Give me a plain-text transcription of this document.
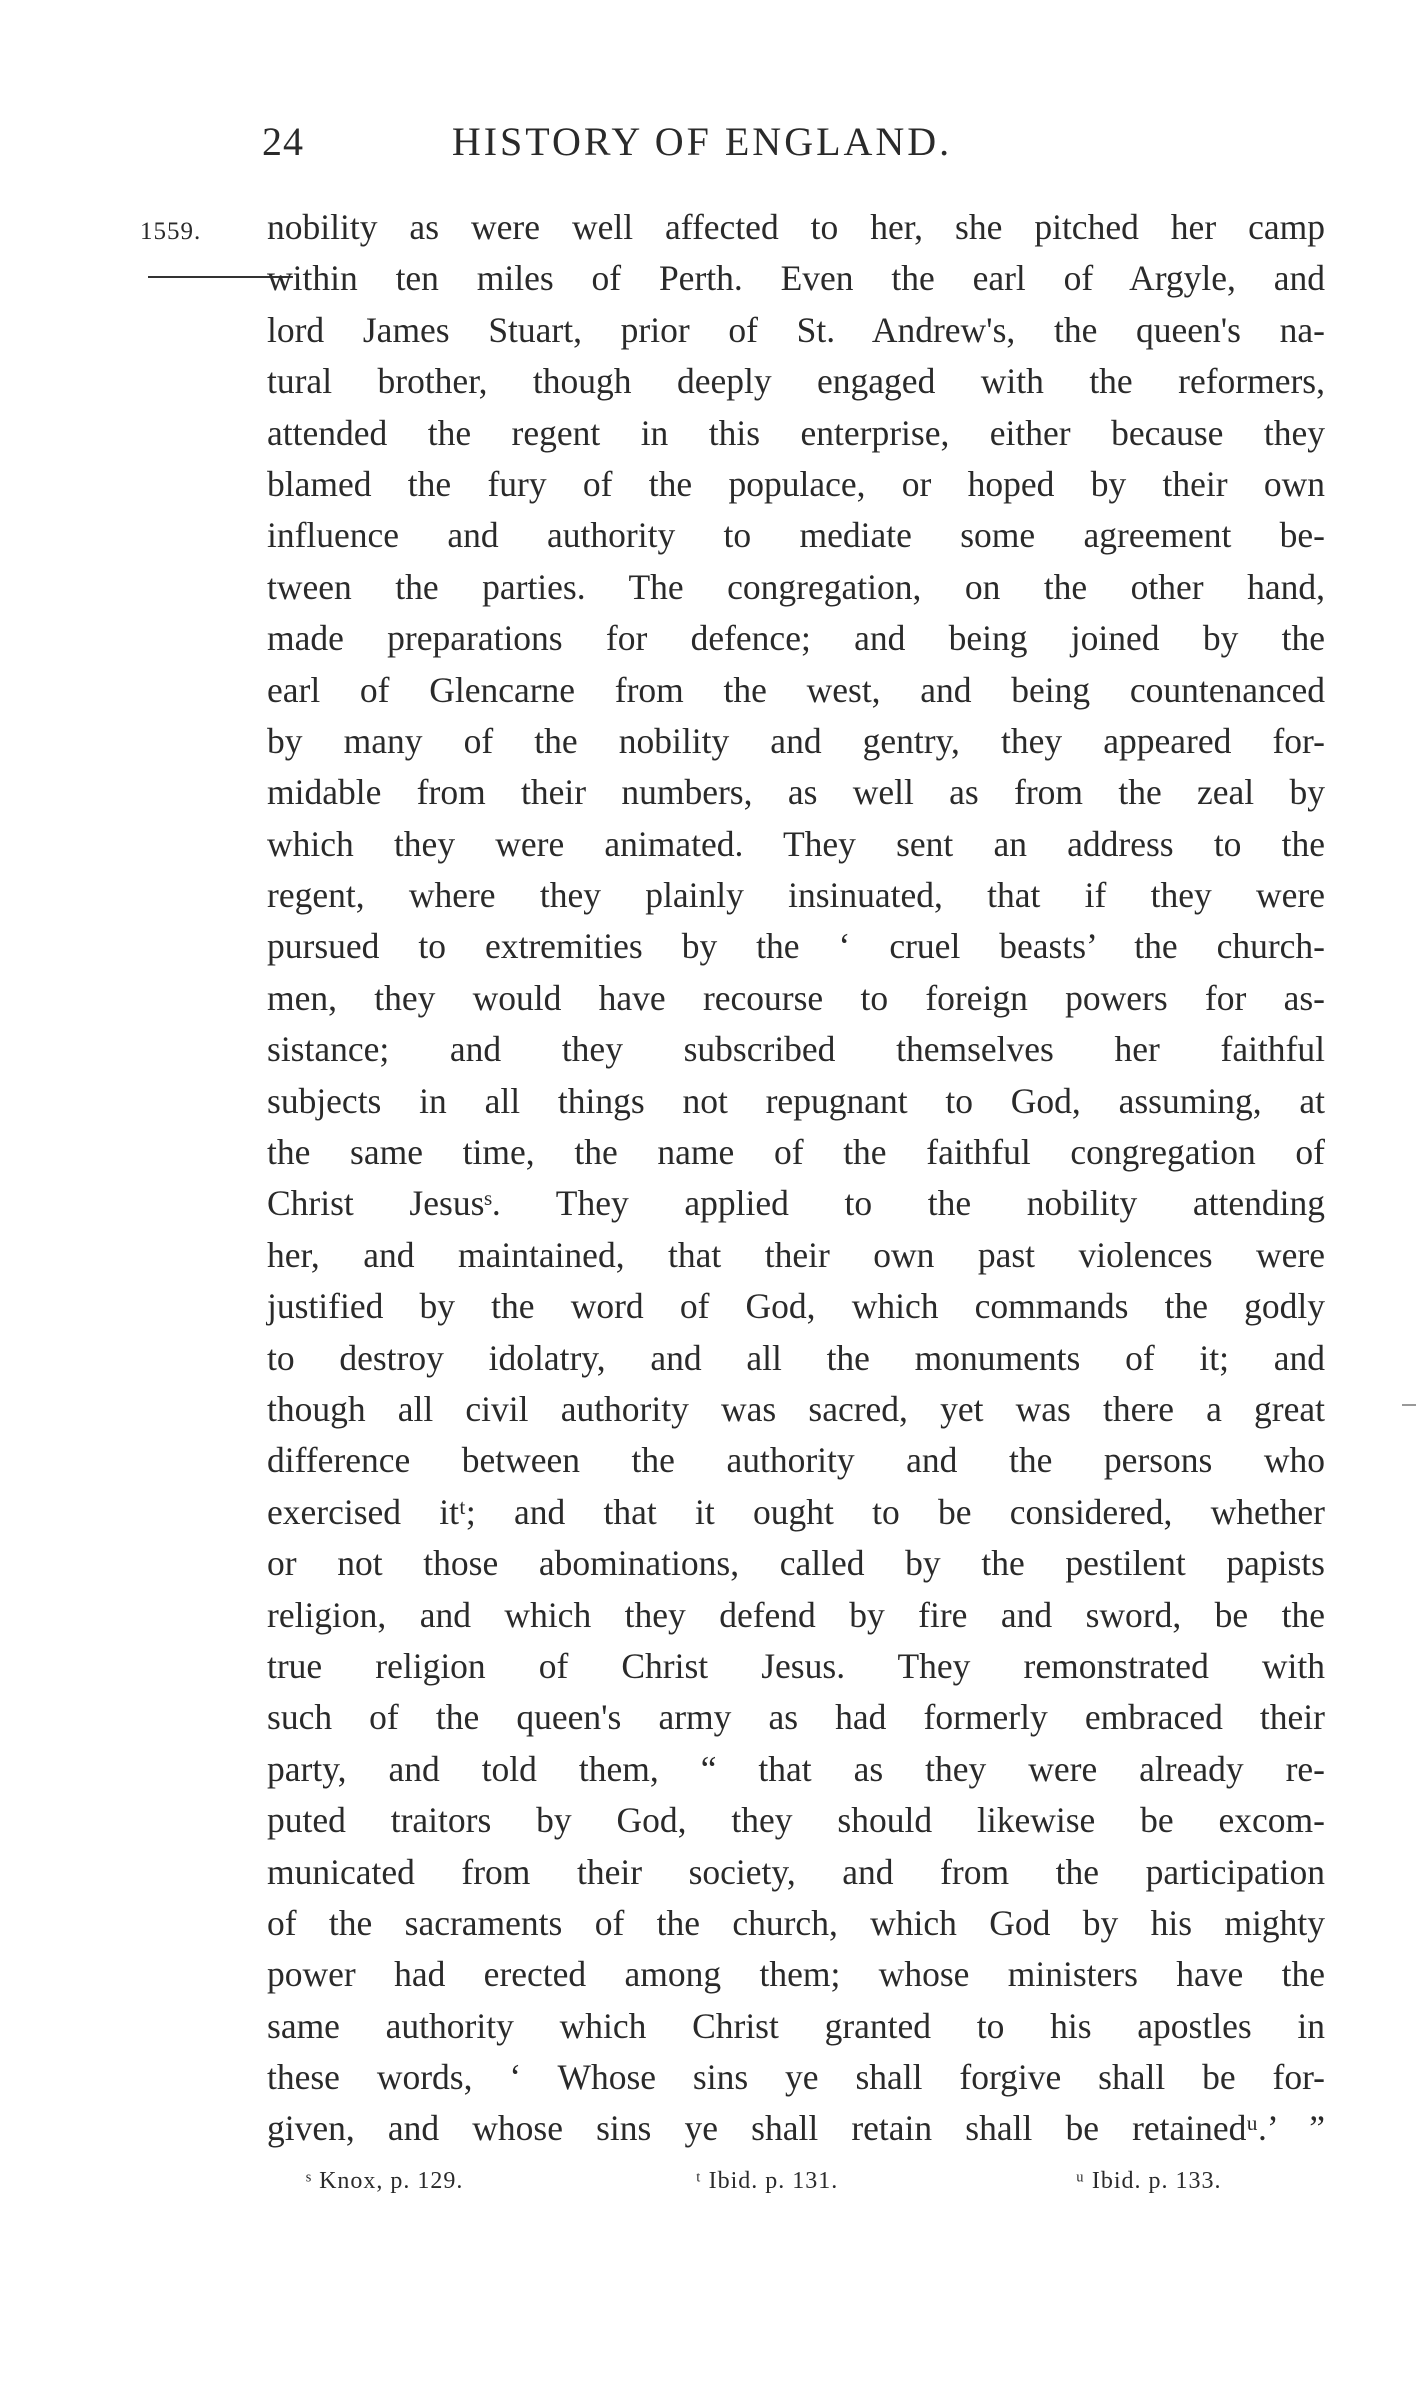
24	HISTORY OF ENGLAND.
1559. nobility as were well affected to her, she pitched her camp
within ten miles of Perth. Even the earl of Argyle, and
lord James Stuart, prior of St. Andrew's, the queen's na-
tural brother, though deeply engaged with the reformers,
attended the regent in this enterprise, either because they
blamed the fury of the populace, or hoped by their own
influence and authority to mediate some agreement be-
tween the parties. The congregation, on the other hand,
made preparations for defence; and being joined by the
earl of Glencarne from the west, and being countenanced
by many of the nobility and gentry, they appeared for-
midable from their numbers, as well as from the zeal by
which they were animated. They sent an address to the
regent, where they plainly insinuated, that if they were
pursued to extremities by the ‘ cruel beasts’ the church-
men, they would have recourse to foreign powers for as-
sistance; and they subscribed themselves her faithful
subjects in all things not repugnant to God, assuming, at
the same time, the name of the faithful congregation of
Christ Jesusˢ. They applied to the nobility attending
her, and maintained, that their own past violences were
justified by the word of God, which commands the godly
to destroy idolatry, and all the monuments of it; and
though all civil authority was sacred, yet was there a great
difference between the authority and the persons who
exercised itᵗ; and that it ought to be considered, whether
or not those abominations, called by the pestilent papists
religion, and which they defend by fire and sword, be the
true religion of Christ Jesus. They remonstrated with
such of the queen's army as had formerly embraced their
party, and told them, “ that as they were already re-
puted traitors by God, they should likewise be excom-
municated from their society, and from the participation
of the sacraments of the church, which God by his mighty
power had erected among them; whose ministers have the
same authority which Christ granted to his apostles in
these words, ‘ Whose sins ye shall forgive shall be for-
given, and whose sins ye shall retain shall be retainedᵘ.’ ”
ˢ Knox, p. 129.	ᵗ Ibid. p. 131.	ᵘ Ibid. p. 133.
